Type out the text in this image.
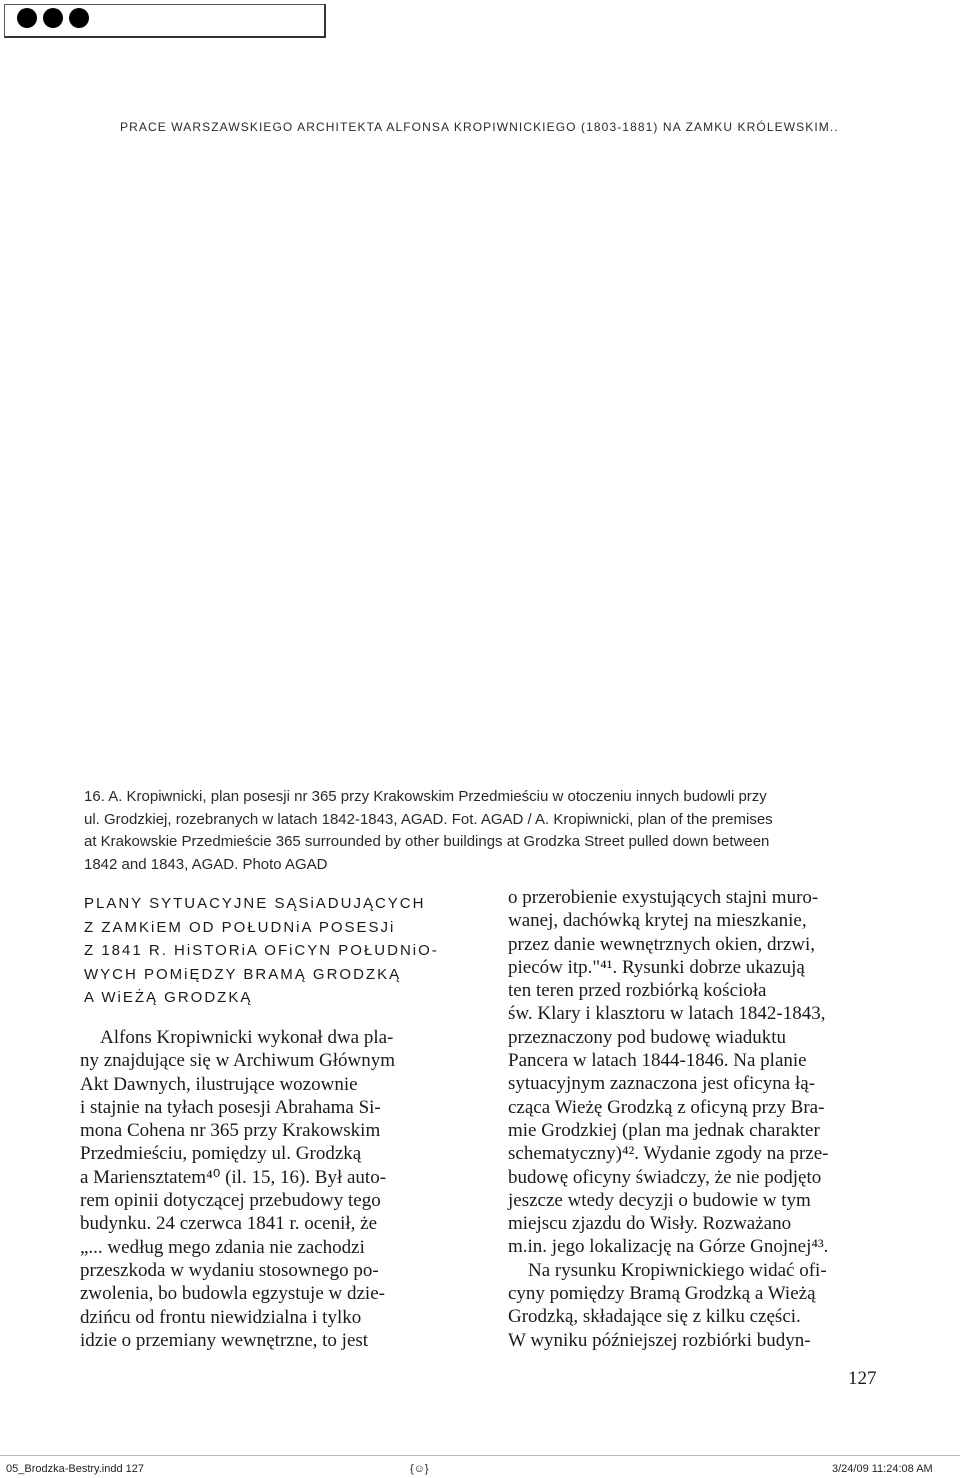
PRACE WARSZAWSKIEGO ARCHITEKTA ALFONSA KROPIWNICKIEGO (1803-1881) NA ZAMKU KRÓLEWSKIM..
16. A. Kropiwnicki, plan posesji nr 365 przy Krakowskim Przedmieściu w otoczeniu innych budowli przy
ul. Grodzkiej, rozebranych w latach 1842-1843, AGAD. Fot. AGAD / A. Kropiwnicki, plan of the premises
at Krakowskie Przedmieście 365 surrounded by other buildings at Grodzka Street pulled down between
1842 and 1843, AGAD. Photo AGAD
PLANY SYTUACYJNE SĄSiADUJĄCYCH
Z ZAMKiEM OD POŁUDNiA POSESJi
Z 1841 R. HiSTORiA OFiCYN POŁUDNiO-
WYCH POMiĘDZY BRAMĄ GRODZKĄ
A WiEŻĄ GRODZKĄ
Alfons Kropiwnicki wykonał dwa pla-
ny znajdujące się w Archiwum Głównym
Akt Dawnych, ilustrujące wozownie
i stajnie na tyłach posesji Abrahama Si-
mona Cohena nr 365 przy Krakowskim
Przedmieściu, pomiędzy ul. Grodzką
a Mariensztatem⁴⁰ (il. 15, 16). Był auto-
rem opinii dotyczącej przebudowy tego
budynku. 24 czerwca 1841 r. ocenił, że
„... według mego zdania nie zachodzi
przeszkoda w wydaniu stosownego po-
zwolenia, bo budowla egzystuje w dzie-
dzińcu od frontu niewidzialna i tylko
idzie o przemiany wewnętrzne, to jest
o przerobienie exystujących stajni muro-
wanej, dachówką krytej na mieszkanie,
przez danie wewnętrznych okien, drzwi,
pieców itp."⁴¹. Rysunki dobrze ukazują
ten teren przed rozbiórką kościoła
św. Klary i klasztoru w latach 1842-1843,
przeznaczony pod budowę wiaduktu
Pancera w latach 1844-1846. Na planie
sytuacyjnym zaznaczona jest oficyna łą-
cząca Wieżę Grodzką z oficyną przy Bra-
mie Grodzkiej (plan ma jednak charakter
schematyczny)⁴². Wydanie zgody na prze-
budowę oficyny świadczy, że nie podjęto
jeszcze wtedy decyzji o budowie w tym
miejscu zjazdu do Wisły. Rozważano
m.in. jego lokalizację na Górze Gnojnej⁴³.
Na rysunku Kropiwnickiego widać ofi-
cyny pomiędzy Bramą Grodzką a Wieżą
Grodzką, składające się z kilku części.
W wyniku późniejszej rozbiórki budyn-
127
05_Brodzka-Bestry.indd 127	{☺}	3/24/09 11:24:08 AM
